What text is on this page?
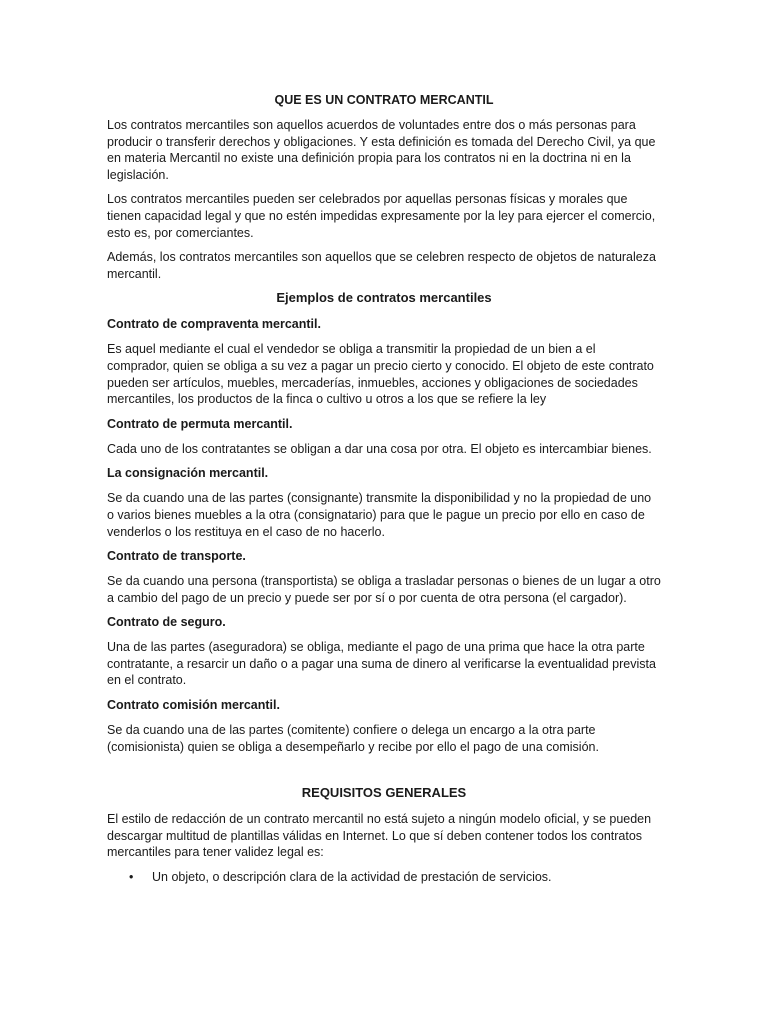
QUE ES UN CONTRATO MERCANTIL

Los contratos mercantiles son aquellos acuerdos de voluntades entre dos o más personas para producir o transferir derechos y obligaciones. Y esta definición es tomada del Derecho Civil, ya que en materia Mercantil no existe una definición propia para los contratos ni en la doctrina ni en la legislación.

Los contratos mercantiles pueden ser celebrados por aquellas personas físicas y morales que tienen capacidad legal y que no estén impedidas expresamente por la ley para ejercer el comercio, esto es, por comerciantes.

Además, los contratos mercantiles son aquellos que se celebren respecto de objetos de naturaleza mercantil.

Ejemplos de contratos mercantiles
Contrato de compraventa mercantil.

Es aquel mediante el cual el vendedor se obliga a transmitir la propiedad de un bien a el comprador, quien se obliga a su vez a pagar un precio cierto y conocido. El objeto de este contrato pueden ser artículos, muebles, mercaderías, inmuebles, acciones y obligaciones de sociedades mercantiles, los productos de la finca o cultivo u otros a los que se refiere la ley

Contrato de permuta mercantil.

Cada uno de los contratantes se obligan a dar una cosa por otra. El objeto es intercambiar bienes.

La consignación mercantil.

Se da cuando una de las partes (consignante) transmite la disponibilidad y no la propiedad de uno o varios bienes muebles a la otra (consignatario) para que le pague un precio por ello en caso de venderlos o los restituya en el caso de no hacerlo.

Contrato de transporte.

Se da cuando una persona (transportista) se obliga a trasladar personas o bienes de un lugar a otro a cambio del pago de un precio y puede ser por sí o por cuenta de otra persona (el cargador).

Contrato de seguro.

Una de las partes (aseguradora) se obliga, mediante el pago de una prima que hace la otra parte contratante, a resarcir un daño o a pagar una suma de dinero al verificarse la eventualidad prevista en el contrato.

Contrato comisión mercantil.

Se da cuando una de las partes (comitente) confiere o delega un encargo a la otra parte (comisionista) quien se obliga a desempeñarlo y recibe por ello el pago de una comisión.

REQUISITOS GENERALES

El estilo de redacción de un contrato mercantil no está sujeto a ningún modelo oficial, y se pueden descargar multitud de plantillas válidas en Internet. Lo que sí deben contener todos los contratos mercantiles para tener validez legal es:

• Un objeto, o descripción clara de la actividad de prestación de servicios.
